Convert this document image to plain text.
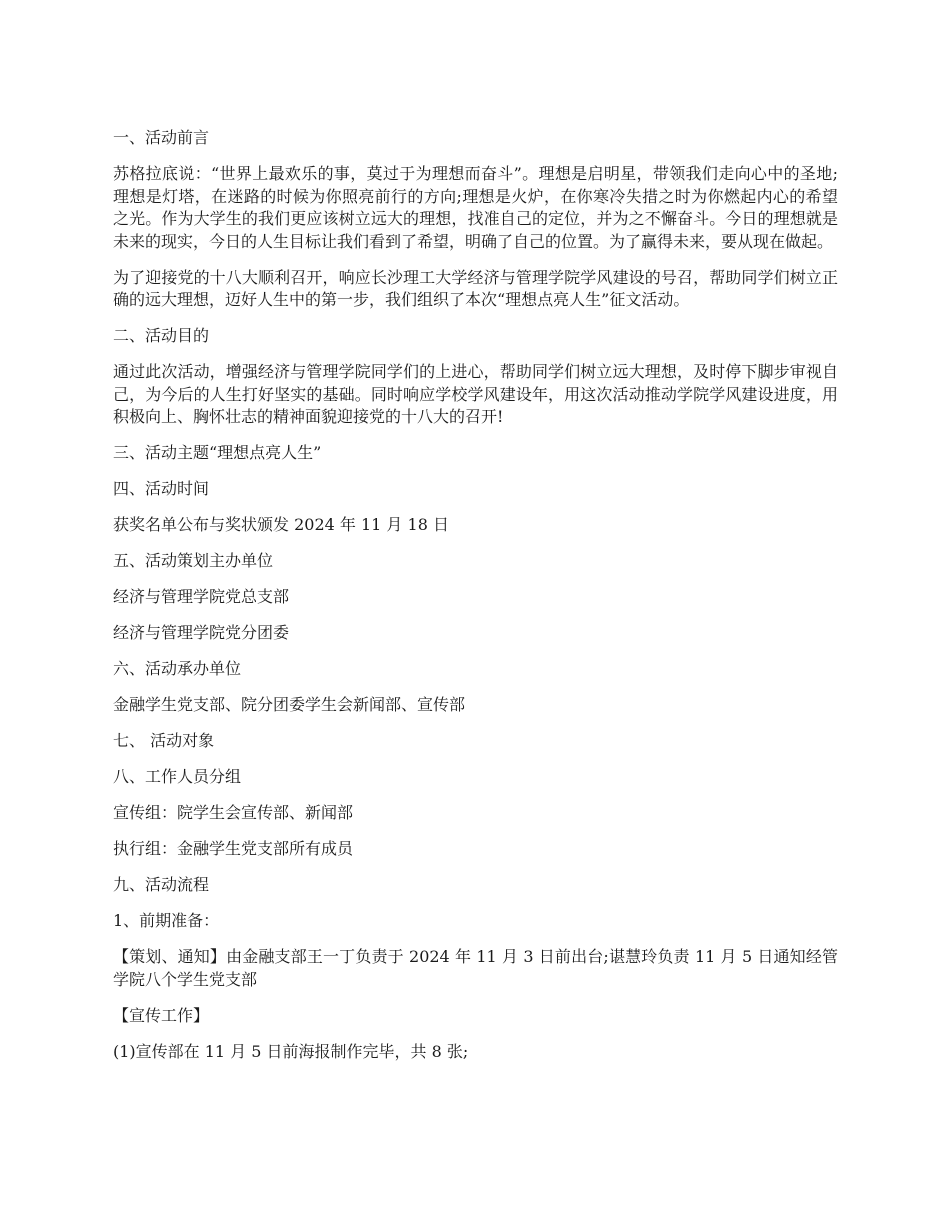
一、活动前言

苏格拉底说：“世界上最欢乐的事，莫过于为理想而奋斗”。理想是启明星，带领我们走向心中的圣地;理想是灯塔，在迷路的时候为你照亮前行的方向;理想是火炉，在你寒冷失措之时为你燃起内心的希望之光。作为大学生的我们更应该树立远大的理想，找准自己的定位，并为之不懈奋斗。今日的理想就是未来的现实，今日的人生目标让我们看到了希望，明确了自己的位置。为了赢得未来，要从现在做起。

为了迎接党的十八大顺利召开，响应长沙理工大学经济与管理学院学风建设的号召，帮助同学们树立正确的远大理想，迈好人生中的第一步，我们组织了本次“理想点亮人生”征文活动。

二、活动目的

通过此次活动，增强经济与管理学院同学们的上进心，帮助同学们树立远大理想，及时停下脚步审视自己，为今后的人生打好坚实的基础。同时响应学校学风建设年，用这次活动推动学院学风建设进度，用积极向上、胸怀壮志的精神面貌迎接党的十八大的召开!

三、活动主题“理想点亮人生”

四、活动时间

获奖名单公布与奖状颁发 2024 年 11 月 18 日

五、活动策划主办单位

经济与管理学院党总支部

经济与管理学院党分团委

六、活动承办单位

金融学生党支部、院分团委学生会新闻部、宣传部

七、 活动对象

八、工作人员分组

宣传组：院学生会宣传部、新闻部

执行组：金融学生党支部所有成员

九、活动流程

1、前期准备：

【策划、通知】由金融支部王一丁负责于 2024 年 11 月 3 日前出台;谌慧玲负责 11 月 5 日通知经管学院八个学生党支部

【宣传工作】

(1)宣传部在 11 月 5 日前海报制作完毕，共 8 张;
